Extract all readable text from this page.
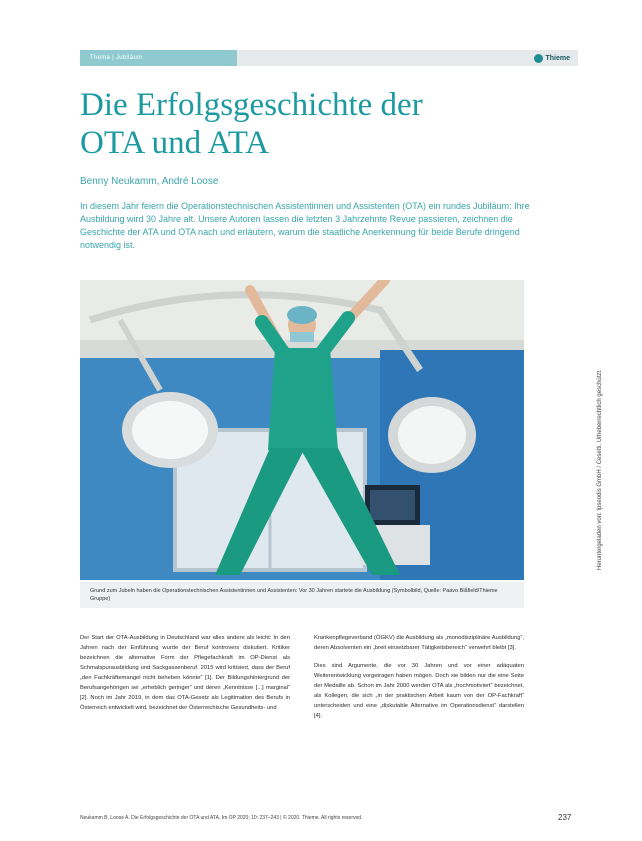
Thema | Jubiläum	Thieme
Die Erfolgsgeschichte der
OTA und ATA
Benny Neukamm, André Loose

In diesem Jahr feiern die Operationstechnischen Assistentinnen und Assistenten (OTA) ein rundes Jubiläum: Ihre Ausbildung wird 30 Jahre alt. Unsere Autoren lassen die letzten 3 Jahrzehnte Revue passieren, zeichnen die Geschichte der ATA und OTA nach und erläutern, warum die staatliche Anerkennung für beide Berufe dringend notwendig ist.

Heruntergeladen von: Ipseodis GmbH / Cesetti. Urheberrechtlich geschützt.

Grund zum Jubeln haben die Operationstechnischen Assistentinnen und Assistenten: Vor 30 Jahren startete die Ausbildung (Symbolbild, Quelle: Paavo Blåfield/Thieme Gruppe)

Der Start der OTA-Ausbildung in Deutschland war alles andere als leicht: In den Jahren nach der Einführung wurde der Beruf kontrovers diskutiert. Kritiker bezeichnen die alternative Form der Pflegefachkraft im OP-Dienst als Schmalspurausbildung und Sackgassenberuf. 2015 wird kritisiert, dass der Beruf „den Fachkräftemangel nicht beheben könnte“ [1]. Der Bildungshintergrund der Berufsangehörigen sei „erheblich geringer“ und deren „Kenntnisse [...] marginal“ [2]. Noch im Jahr 2019, in dem das OTA-Gesetz als Legitimation des Berufs in Österreich entwickelt wird, bezeichnet der Österreichische Gesundheits- und

Krankenpflegeverband (ÖGKV) die Ausbildung als „monodisziplinäre Ausbildung“, deren Absolventen ein „breit einsetzbarer Tätigkeitsbereich“ verwehrt bleibt [3].

Dies sind Argumente, die vor 30 Jahren und vor einer adäquaten Weiterentwicklung vorgetragen haben mögen. Doch sie bilden nur die eine Seite der Medaille ab. Schon im Jahr 2000 werden OTA als „hochmotiviert“ bezeichnet, als Kollegen, die sich „in der praktischen Arbeit kaum von der OP-Fachkraft“ unterscheiden und eine „diskutable Alternative im Operationsdienst“ darstellen [4].

Neukamm B, Loose A. Die Erfolgsgeschichte der OTA und ATA. Im OP 2020; 10: 237–243 | © 2020. Thieme. All rights reserved.	237
